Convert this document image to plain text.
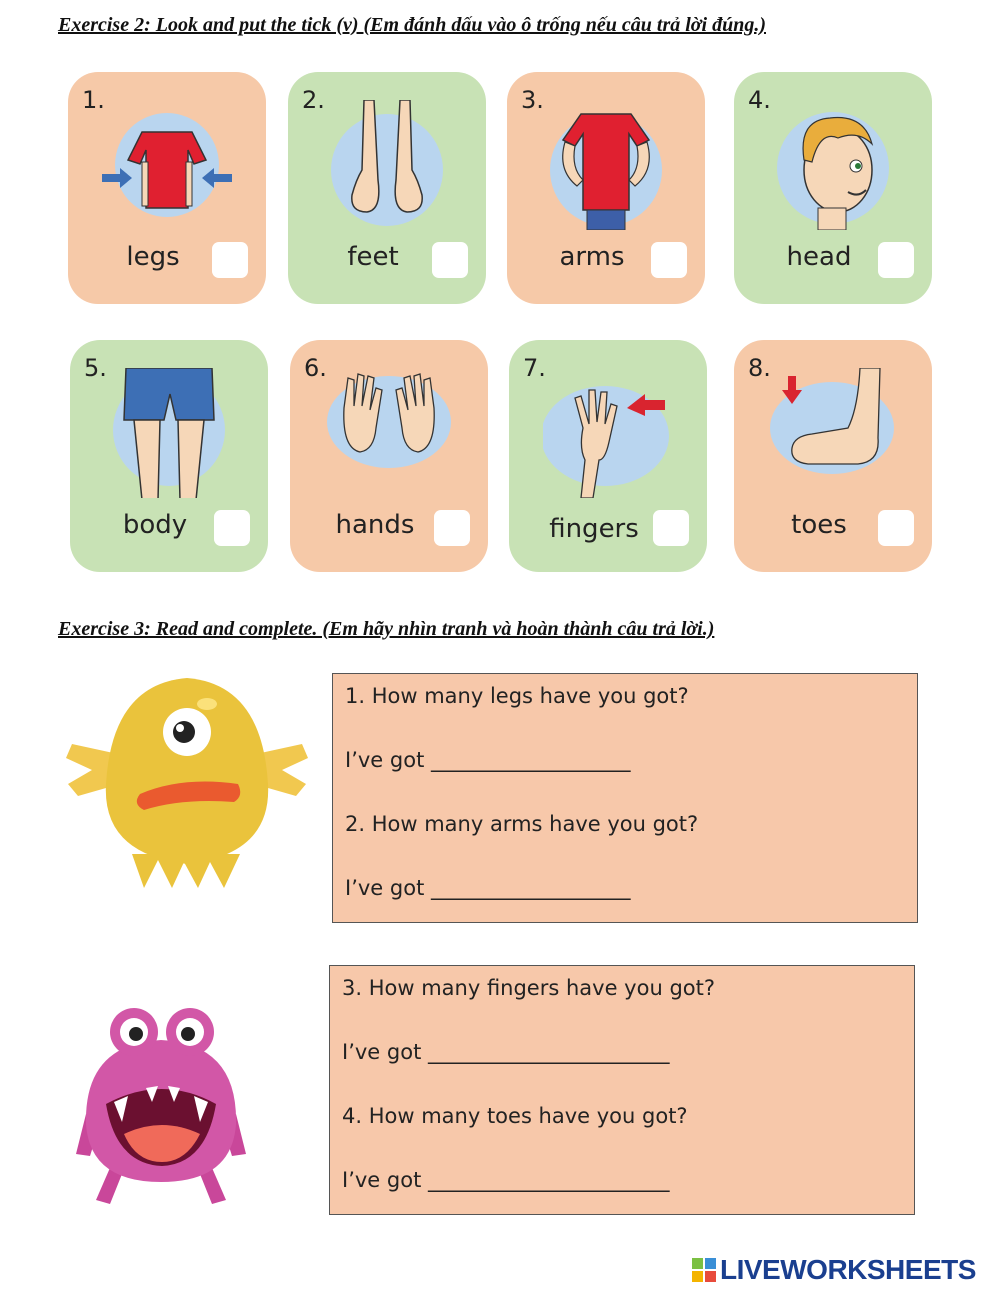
Exercise 2: Look and put the tick (v) (Em đánh dấu vào ô trống nếu câu trả lời đúng.)
1.
legs
2.
feet
3.
arms
4.
head
5.
body
6.
hands
7.
fingers
8.
toes
Exercise 3: Read and complete. (Em hãy nhìn tranh và hoàn thành câu trả lời.)
1. How many legs have you got?
I’ve got ___________________
2. How many arms have you got?
I’ve got ___________________
3. How many fingers have you got?
I’ve got _______________________
4. How many toes have you got?
I’ve got _______________________
LIVEWORKSHEETS
